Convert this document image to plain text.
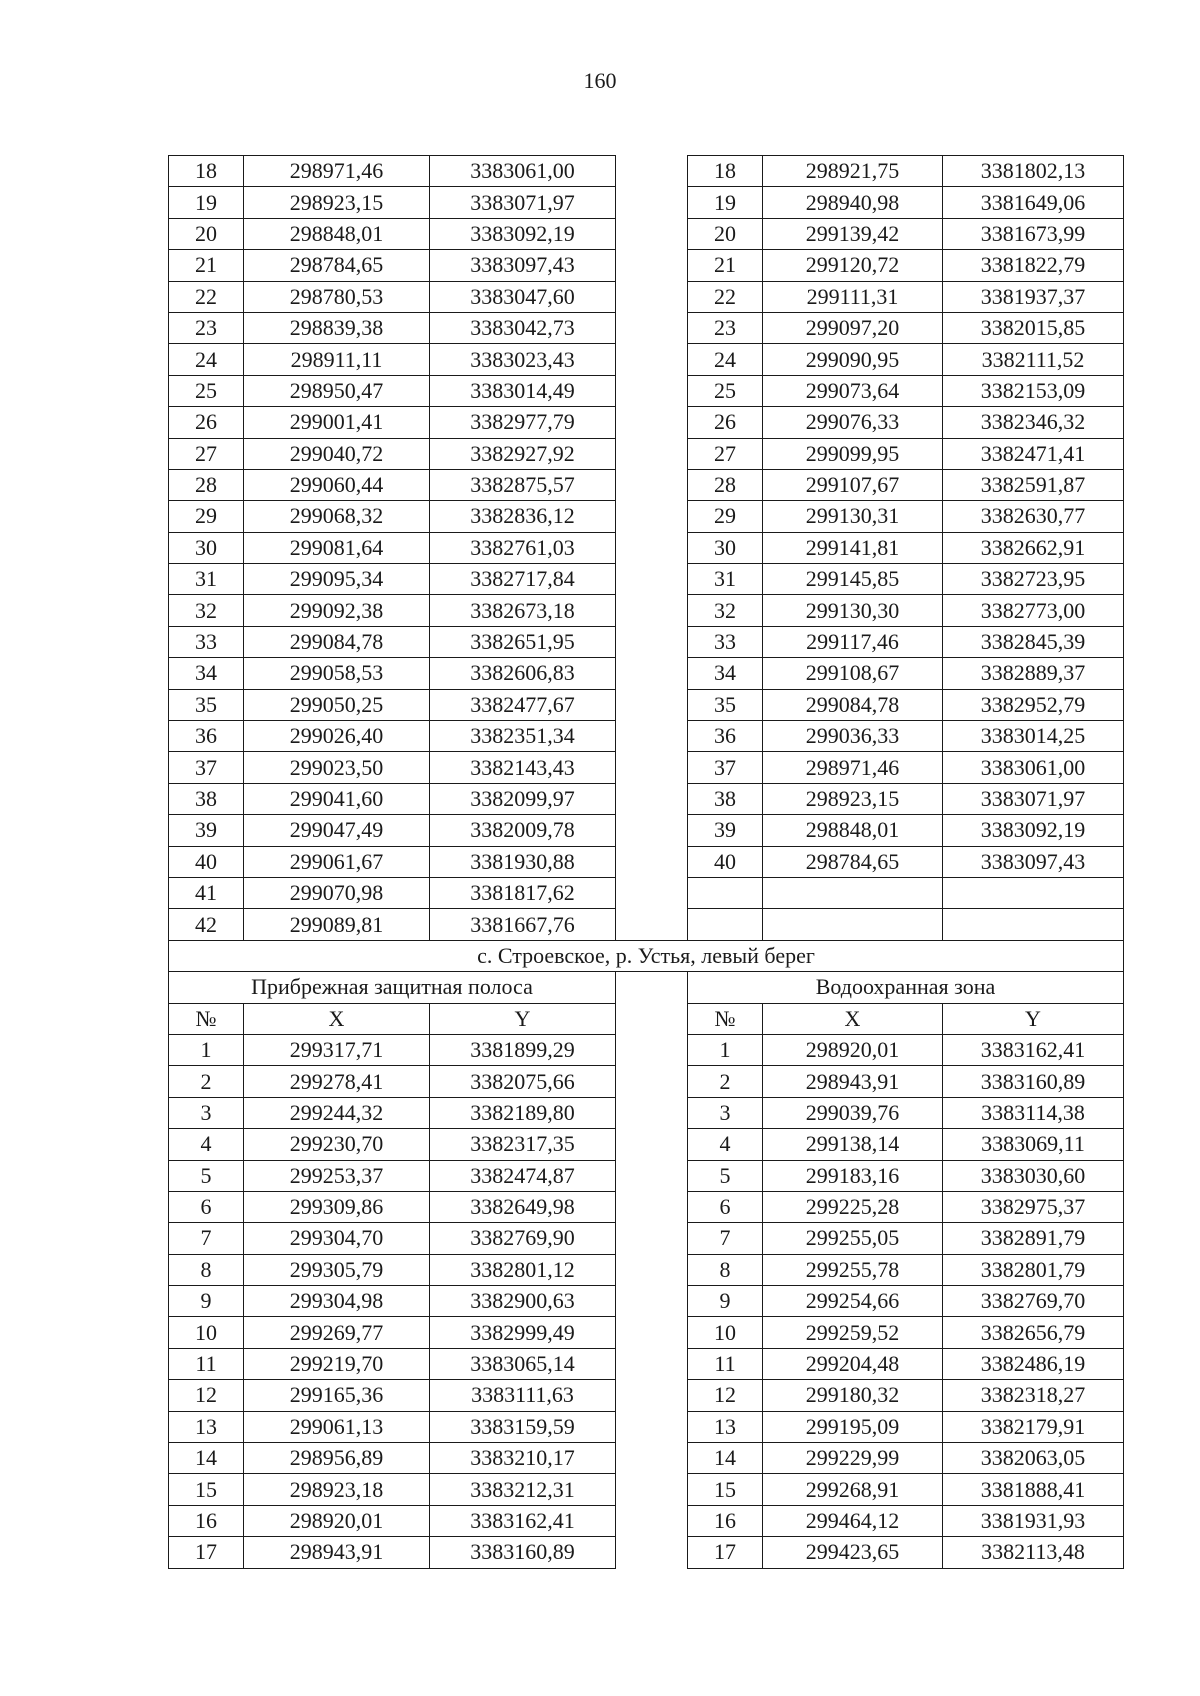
160
18	298971,46	3383061,00		18	298921,75	3381802,13
19	298923,15	3383071,97		19	298940,98	3381649,06
20	298848,01	3383092,19		20	299139,42	3381673,99
21	298784,65	3383097,43		21	299120,72	3381822,79
22	298780,53	3383047,60		22	299111,31	3381937,37
23	298839,38	3383042,73		23	299097,20	3382015,85
24	298911,11	3383023,43		24	299090,95	3382111,52
25	298950,47	3383014,49		25	299073,64	3382153,09
26	299001,41	3382977,79		26	299076,33	3382346,32
27	299040,72	3382927,92		27	299099,95	3382471,41
28	299060,44	3382875,57		28	299107,67	3382591,87
29	299068,32	3382836,12		29	299130,31	3382630,77
30	299081,64	3382761,03		30	299141,81	3382662,91
31	299095,34	3382717,84		31	299145,85	3382723,95
32	299092,38	3382673,18		32	299130,30	3382773,00
33	299084,78	3382651,95		33	299117,46	3382845,39
34	299058,53	3382606,83		34	299108,67	3382889,37
35	299050,25	3382477,67		35	299084,78	3382952,79
36	299026,40	3382351,34		36	299036,33	3383014,25
37	299023,50	3382143,43		37	298971,46	3383061,00
38	299041,60	3382099,97		38	298923,15	3383071,97
39	299047,49	3382009,78		39	298848,01	3383092,19
40	299061,67	3381930,88		40	298784,65	3383097,43
41	299070,98	3381817,62				
42	299089,81	3381667,76				
с. Строевское, р. Устья, левый берег						
Прибрежная защитная полоса				Водоохранная зона		
№	X	Y		№	X	Y
1	299317,71	3381899,29		1	298920,01	3383162,41
2	299278,41	3382075,66		2	298943,91	3383160,89
3	299244,32	3382189,80		3	299039,76	3383114,38
4	299230,70	3382317,35		4	299138,14	3383069,11
5	299253,37	3382474,87		5	299183,16	3383030,60
6	299309,86	3382649,98		6	299225,28	3382975,37
7	299304,70	3382769,90		7	299255,05	3382891,79
8	299305,79	3382801,12		8	299255,78	3382801,79
9	299304,98	3382900,63		9	299254,66	3382769,70
10	299269,77	3382999,49		10	299259,52	3382656,79
11	299219,70	3383065,14		11	299204,48	3382486,19
12	299165,36	3383111,63		12	299180,32	3382318,27
13	299061,13	3383159,59		13	299195,09	3382179,91
14	298956,89	3383210,17		14	299229,99	3382063,05
15	298923,18	3383212,31		15	299268,91	3381888,41
16	298920,01	3383162,41		16	299464,12	3381931,93
17	298943,91	3383160,89		17	299423,65	3382113,48
